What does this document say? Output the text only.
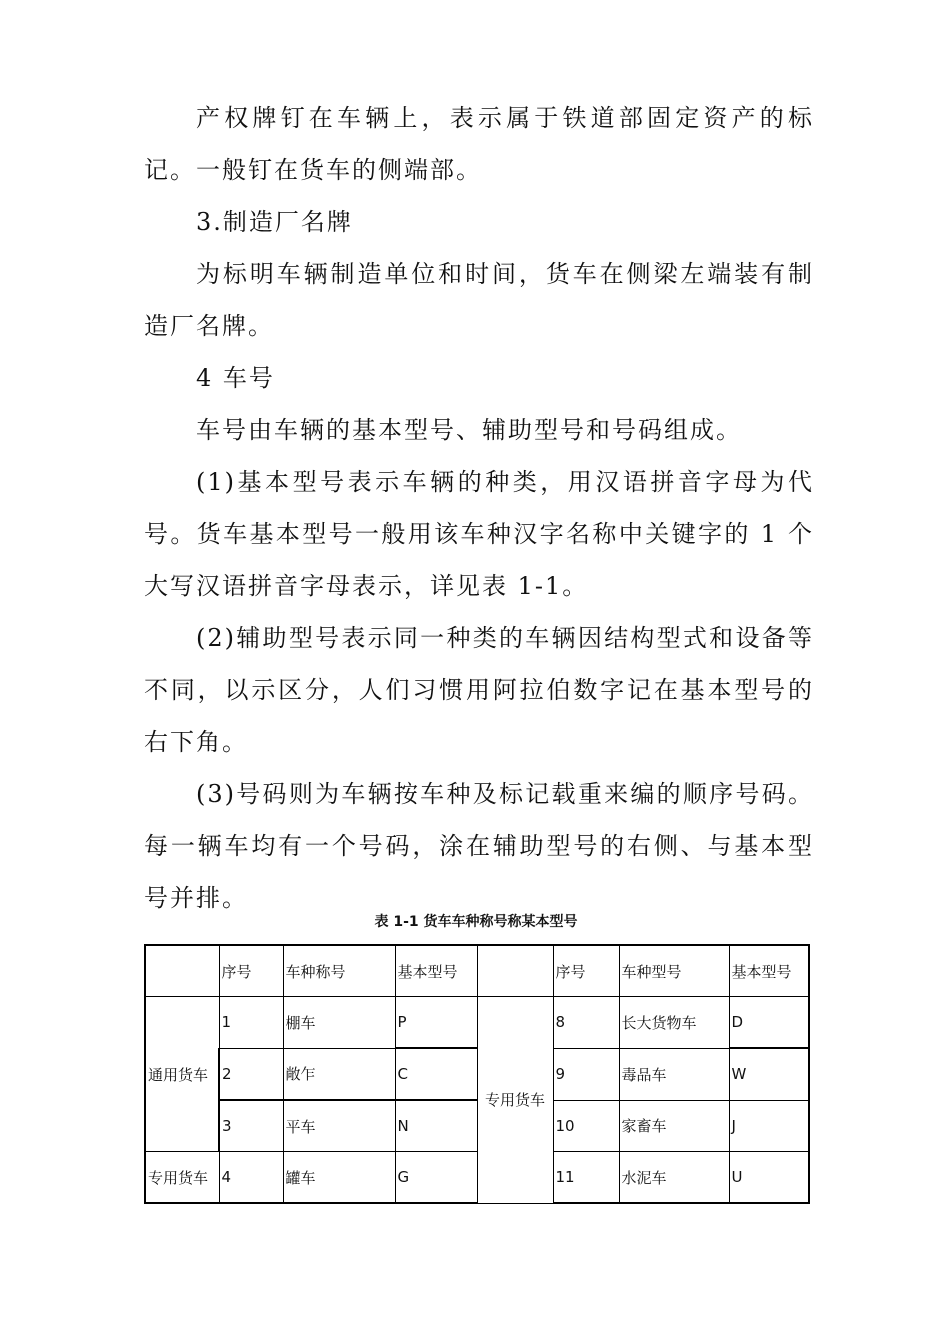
产权牌钉在车辆上，表示属于铁道部固定资产的标记。一般钉在货车的侧端部。

3.制造厂名牌

为标明车辆制造单位和时间，货车在侧梁左端装有制造厂名牌。

4 车号

车号由车辆的基本型号、辅助型号和号码组成。

(1)基本型号表示车辆的种类，用汉语拼音字母为代号。货车基本型号一般用该车种汉字名称中关键字的 1 个大写汉语拼音字母表示，详见表 1-1。

(2)辅助型号表示同一种类的车辆因结构型式和设备等不同，以示区分，人们习惯用阿拉伯数字记在基本型号的右下角。

(3)号码则为车辆按车种及标记载重来编的顺序号码。每一辆车均有一个号码，涂在辅助型号的右侧、与基本型号并排。

表 1-1 货车车种称号称某本型号
	序号	车种称号	基本型号		序号	车种型号	基本型号
通用货车	1	棚车	P	专用货车	8	长大货物车	D
	2	敞乍	C		9	毒品车	W
	3	平车	N		10	家畜车	J
专用货车	4	罐车	G		11	水泥车	U
